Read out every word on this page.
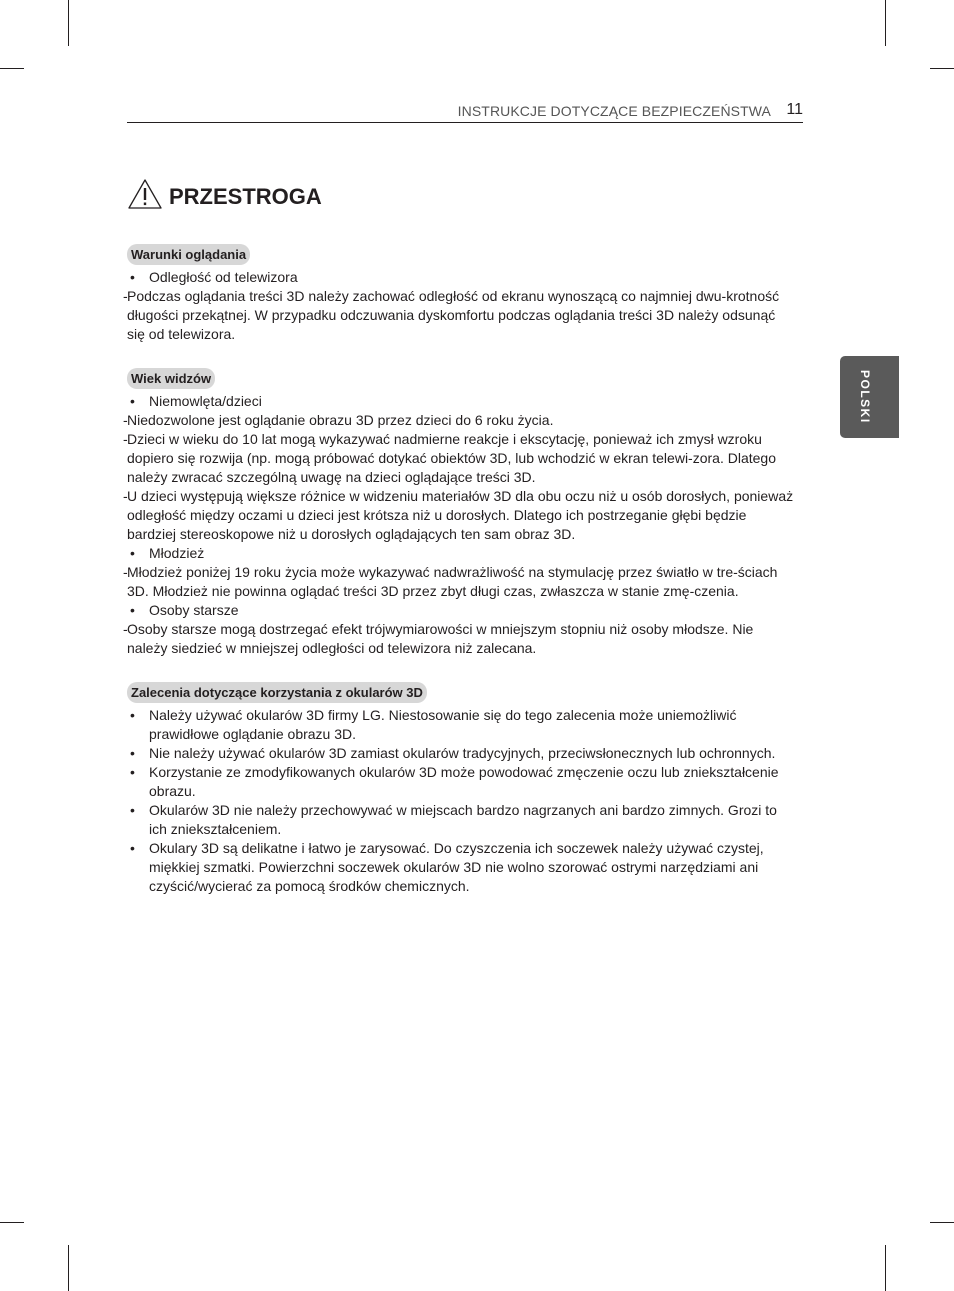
INSTRUKCJE DOTYCZĄCE BEZPIECZEŃSTWA 11
POLSKI
PRZESTROGA
Warunki oglądania
• Odległość od telewizora
- Podczas oglądania treści 3D należy zachować odległość od ekranu wynoszącą co najmniej dwu-krotność długości przekątnej. W przypadku odczuwania dyskomfortu podczas oglądania treści 3D należy odsunąć się od telewizora.
Wiek widzów
• Niemowlęta/dzieci
- Niedozwolone jest oglądanie obrazu 3D przez dzieci do 6 roku życia.
- Dzieci w wieku do 10 lat mogą wykazywać nadmierne reakcje i ekscytację, ponieważ ich zmysł wzroku dopiero się rozwija (np. mogą próbować dotykać obiektów 3D, lub wchodzić w ekran telewi-zora. Dlatego należy zwracać szczególną uwagę na dzieci oglądające treści 3D.
- U dzieci występują większe różnice w widzeniu materiałów 3D dla obu oczu niż u osób dorosłych, ponieważ odległość między oczami u dzieci jest krótsza niż u dorosłych. Dlatego ich postrzeganie głębi będzie bardziej stereoskopowe niż u dorosłych oglądających ten sam obraz 3D.
• Młodzież
- Młodzież poniżej 19 roku życia może wykazywać nadwrażliwość na stymulację przez światło w tre-ściach 3D. Młodzież nie powinna oglądać treści 3D przez zbyt długi czas, zwłaszcza w stanie zmę-czenia.
• Osoby starsze
- Osoby starsze mogą dostrzegać efekt trójwymiarowości w mniejszym stopniu niż osoby młodsze. Nie należy siedzieć w mniejszej odległości od telewizora niż zalecana.
Zalecenia dotyczące korzystania z okularów 3D
• Należy używać okularów 3D firmy LG. Niestosowanie się do tego zalecenia może uniemożliwić prawidłowe oglądanie obrazu 3D.
• Nie należy używać okularów 3D zamiast okularów tradycyjnych, przeciwsłonecznych lub ochronnych.
• Korzystanie ze zmodyfikowanych okularów 3D może powodować zmęczenie oczu lub zniekształcenie obrazu.
• Okularów 3D nie należy przechowywać w miejscach bardzo nagrzanych ani bardzo zimnych. Grozi to ich zniekształceniem.
• Okulary 3D są delikatne i łatwo je zarysować. Do czyszczenia ich soczewek należy używać czystej, miękkiej szmatki. Powierzchni soczewek okularów 3D nie wolno szorować ostrymi narzędziami ani czyścić/wycierać za pomocą środków chemicznych.
